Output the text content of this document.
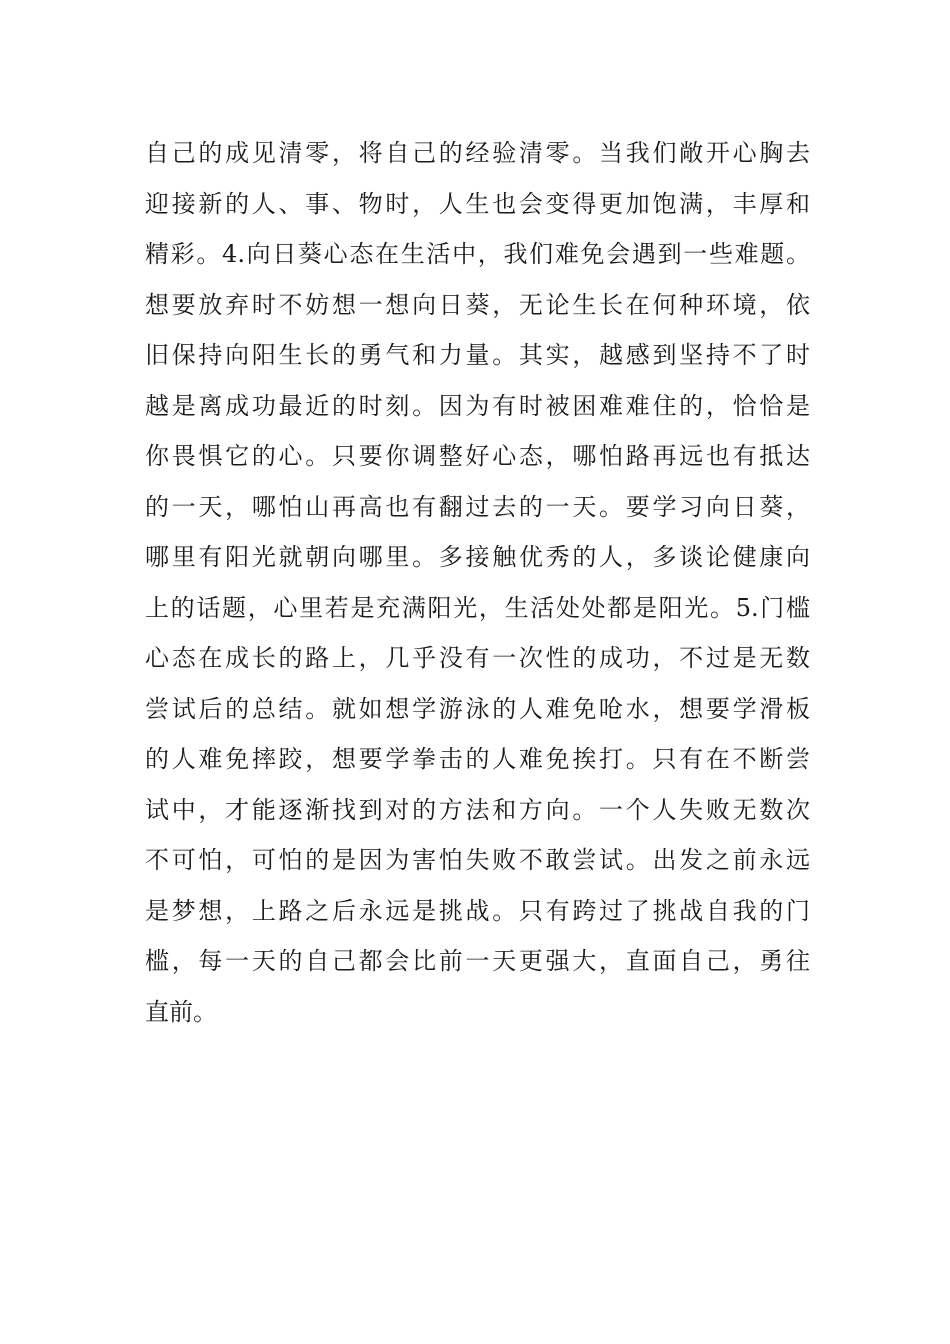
自己的成见清零，将自己的经验清零。当我们敞开心胸去
迎接新的人、事、物时，人生也会变得更加饱满，丰厚和
精彩。4.向日葵心态在生活中，我们难免会遇到一些难题。
想要放弃时不妨想一想向日葵，无论生长在何种环境，依
旧保持向阳生长的勇气和力量。其实，越感到坚持不了时
越是离成功最近的时刻。因为有时被困难难住的，恰恰是
你畏惧它的心。只要你调整好心态，哪怕路再远也有抵达
的一天，哪怕山再高也有翻过去的一天。要学习向日葵，
哪里有阳光就朝向哪里。多接触优秀的人，多谈论健康向
上的话题，心里若是充满阳光，生活处处都是阳光。5.门槛
心态在成长的路上，几乎没有一次性的成功，不过是无数
尝试后的总结。就如想学游泳的人难免呛水，想要学滑板
的人难免摔跤，想要学拳击的人难免挨打。只有在不断尝
试中，才能逐渐找到对的方法和方向。一个人失败无数次
不可怕，可怕的是因为害怕失败不敢尝试。出发之前永远
是梦想，上路之后永远是挑战。只有跨过了挑战自我的门
槛，每一天的自己都会比前一天更强大，直面自己，勇往
直前。
